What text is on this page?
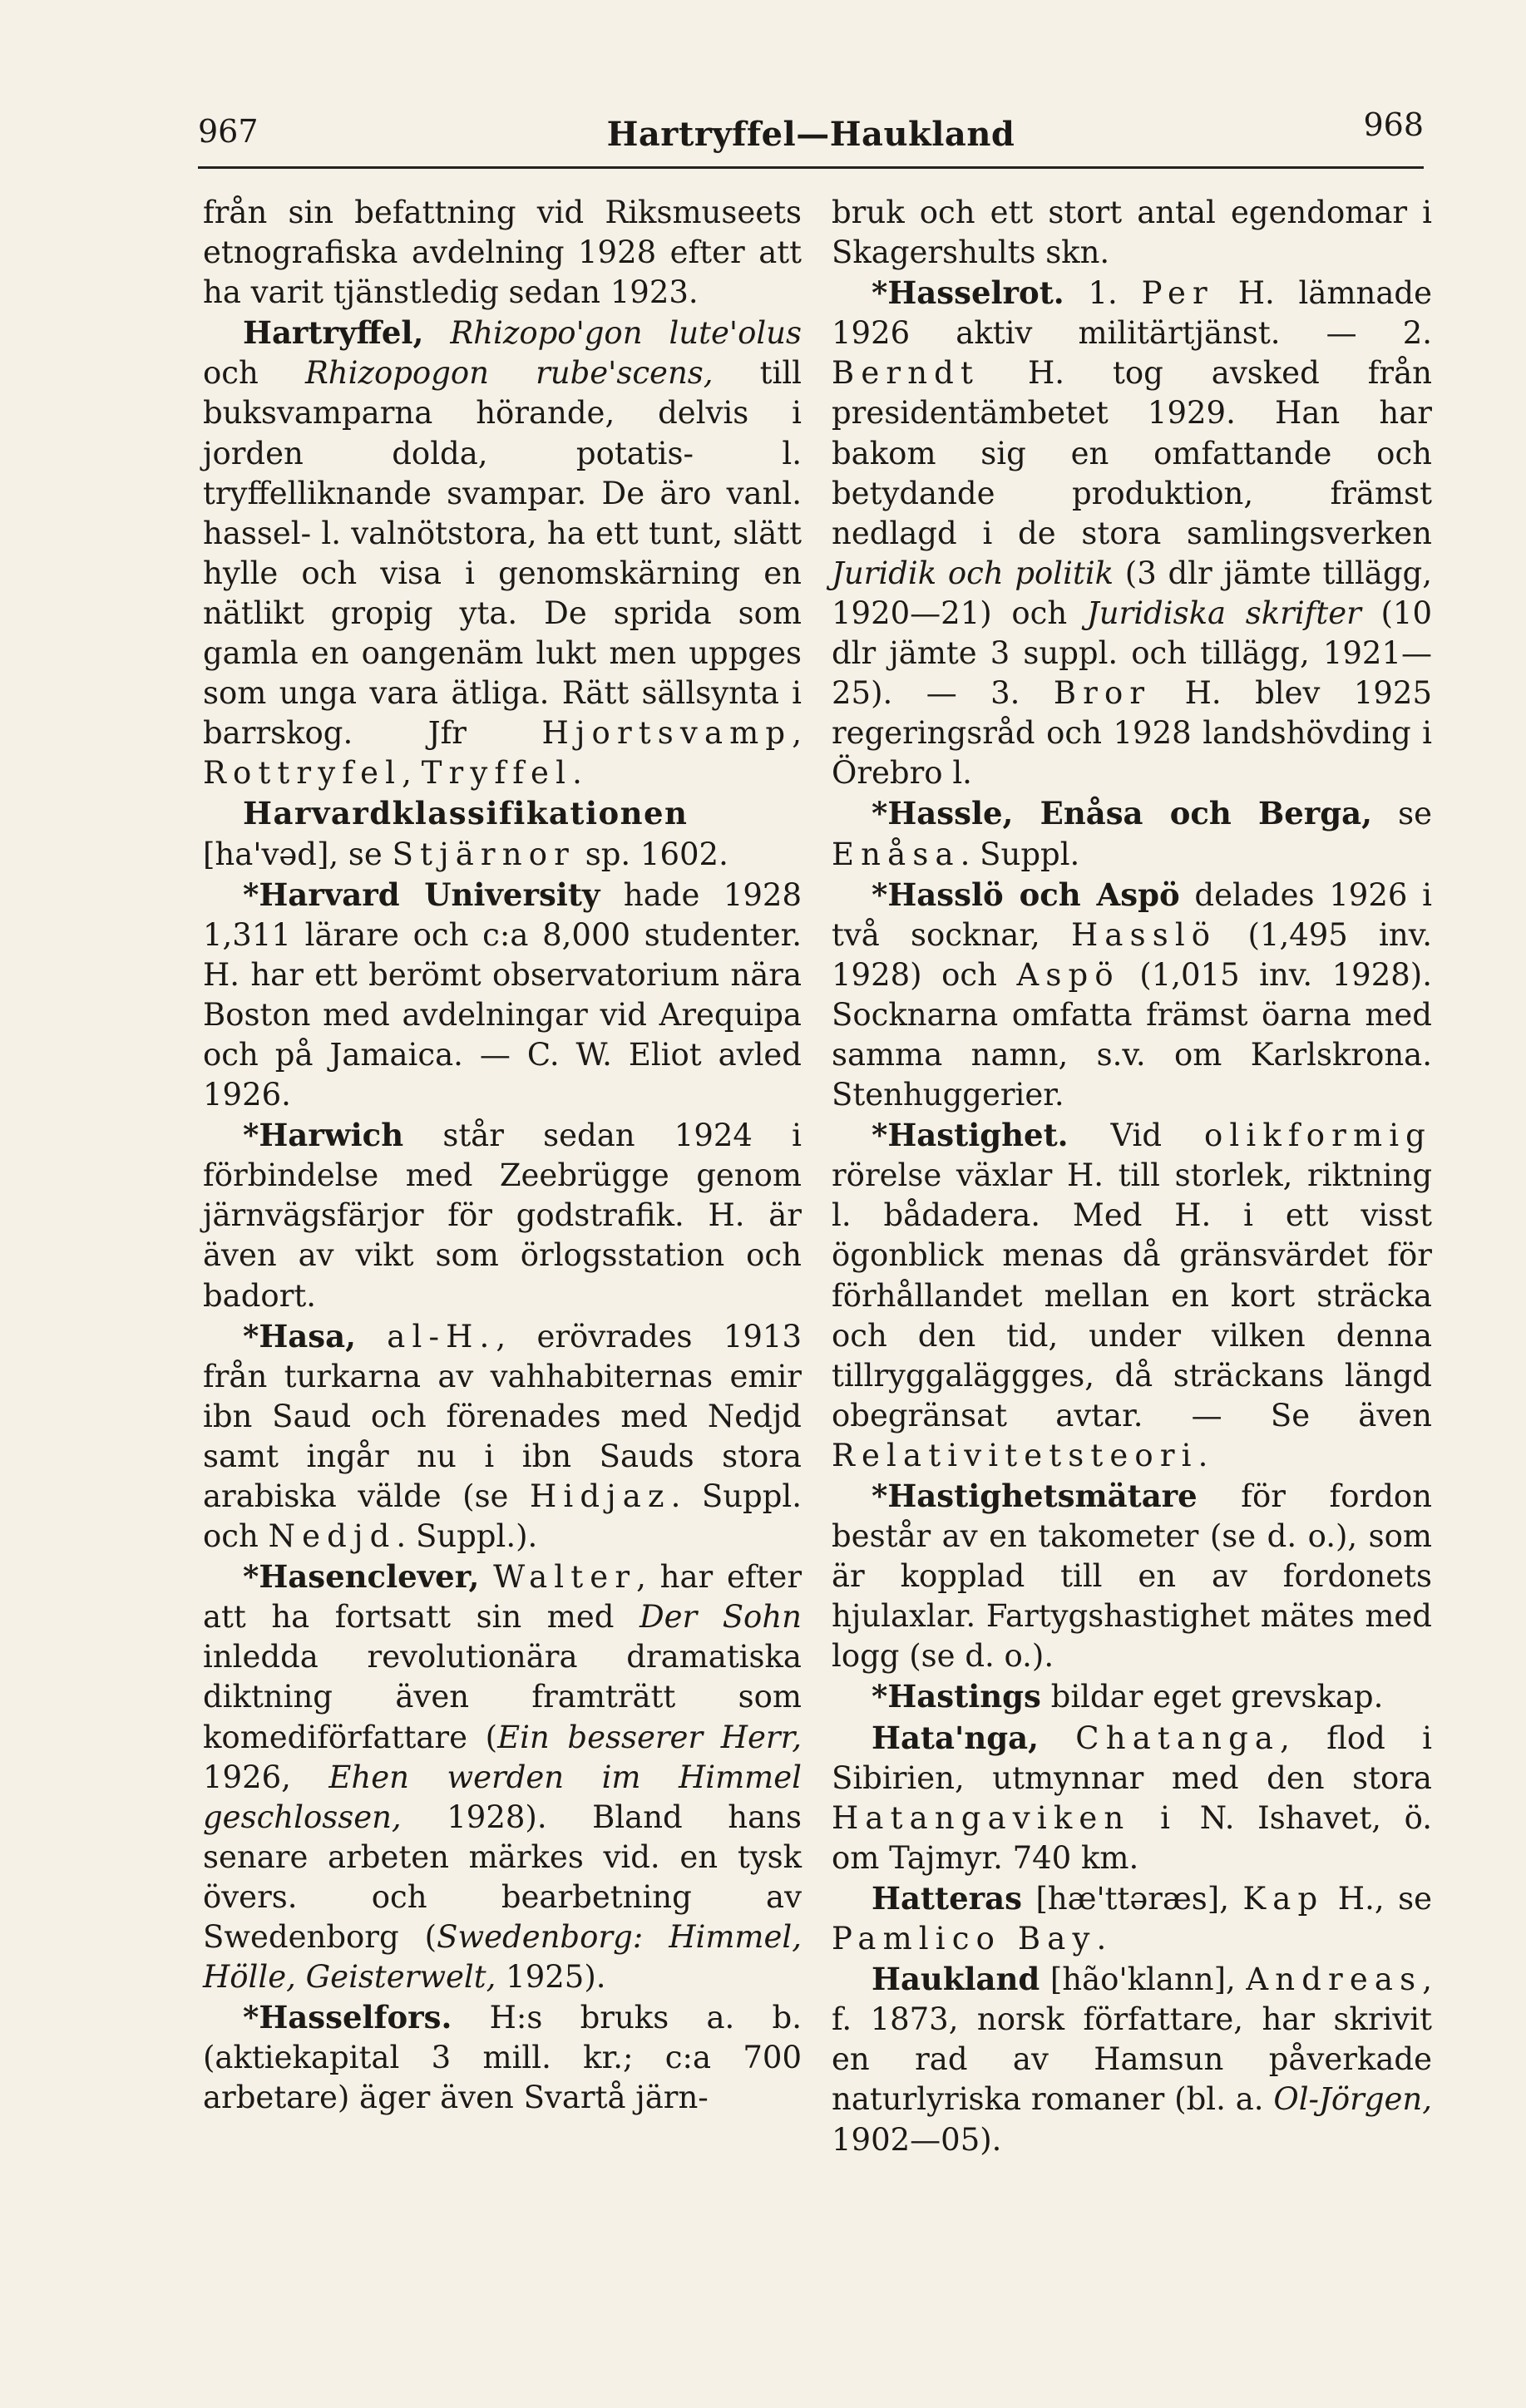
967	Hartryffel—Haukland	968

från sin befattning vid Riksmuseets etnografiska avdelning 1928 efter att ha varit tjänstledig sedan 1923.

Hartryffel, Rhizopo'gon lute'olus och Rhizopogon rube'scens, till buksvamparna hörande, delvis i jorden dolda, potatis- l. tryffelliknande svampar. De äro vanl. hassel- l. valnötstora, ha ett tunt, slätt hylle och visa i genomskärning en nätlikt gropig yta. De sprida som gamla en oangenäm lukt men uppges som unga vara ätliga. Rätt sällsynta i barrskog. Jfr Hjortsvamp, Rottryfel, Tryffel.

Harvardklassifikationen [ha'vəd], se Stjärnor sp. 1602.

*Harvard University hade 1928 1,311 lärare och c:a 8,000 studenter. H. har ett berömt observatorium nära Boston med avdelningar vid Arequipa och på Jamaica. — C. W. Eliot avled 1926.

*Harwich står sedan 1924 i förbindelse med Zeebrügge genom järnvägsfärjor för godstrafik. H. är även av vikt som örlogsstation och badort.

*Hasa, al-H., erövrades 1913 från turkarna av vahhabiternas emir ibn Saud och förenades med Nedjd samt ingår nu i ibn Sauds stora arabiska välde (se Hidjaz. Suppl. och Nedjd. Suppl.).

*Hasenclever, Walter, har efter att ha fortsatt sin med Der Sohn inledda revolutionära dramatiska diktning även framträtt som komediförfattare (Ein besserer Herr, 1926, Ehen werden im Himmel geschlossen, 1928). Bland hans senare arbeten märkes vid. en tysk övers. och bearbetning av Swedenborg (Swedenborg: Himmel, Hölle, Geisterwelt, 1925).

*Hasselfors. H:s bruks a. b. (aktiekapital 3 mill. kr.; c:a 700 arbetare) äger även Svartå järn-

bruk och ett stort antal egendomar i Skagershults skn.

*Hasselrot. 1. Per H. lämnade 1926 aktiv militärtjänst. — 2. Berndt H. tog avsked från presidentämbetet 1929. Han har bakom sig en omfattande och betydande produktion, främst nedlagd i de stora samlingsverken Juridik och politik (3 dlr jämte tillägg, 1920—21) och Juridiska skrifter (10 dlr jämte 3 suppl. och tillägg, 1921—25). — 3. Bror H. blev 1925 regeringsråd och 1928 landshövding i Örebro l.

*Hassle, Enåsa och Berga, se Enåsa. Suppl.

*Hasslö och Aspö delades 1926 i två socknar, Hasslö (1,495 inv. 1928) och Aspö (1,015 inv. 1928). Socknarna omfatta främst öarna med samma namn, s.v. om Karlskrona. Stenhuggerier.

*Hastighet. Vid olikformig rörelse växlar H. till storlek, riktning l. bådadera. Med H. i ett visst ögonblick menas då gränsvärdet för förhållandet mellan en kort sträcka och den tid, under vilken denna tillryggaläggges, då sträckans längd obegränsat avtar. — Se även Relativitetsteori.

*Hastighetsmätare för fordon består av en takometer (se d. o.), som är kopplad till en av fordonets hjulaxlar. Fartygshastighet mätes med logg (se d. o.).

*Hastings bildar eget grevskap.

Hata'nga, Chatanga, flod i Sibirien, utmynnar med den stora Hatangaviken i N. Ishavet, ö. om Tajmyr. 740 km.

Hatteras [hæ'ttəræs], Kap H., se Pamlico Bay.

Haukland [hão'klann], Andreas, f. 1873, norsk författare, har skrivit en rad av Hamsun påverkade naturlyriska romaner (bl. a. Ol-Jörgen, 1902—05).
